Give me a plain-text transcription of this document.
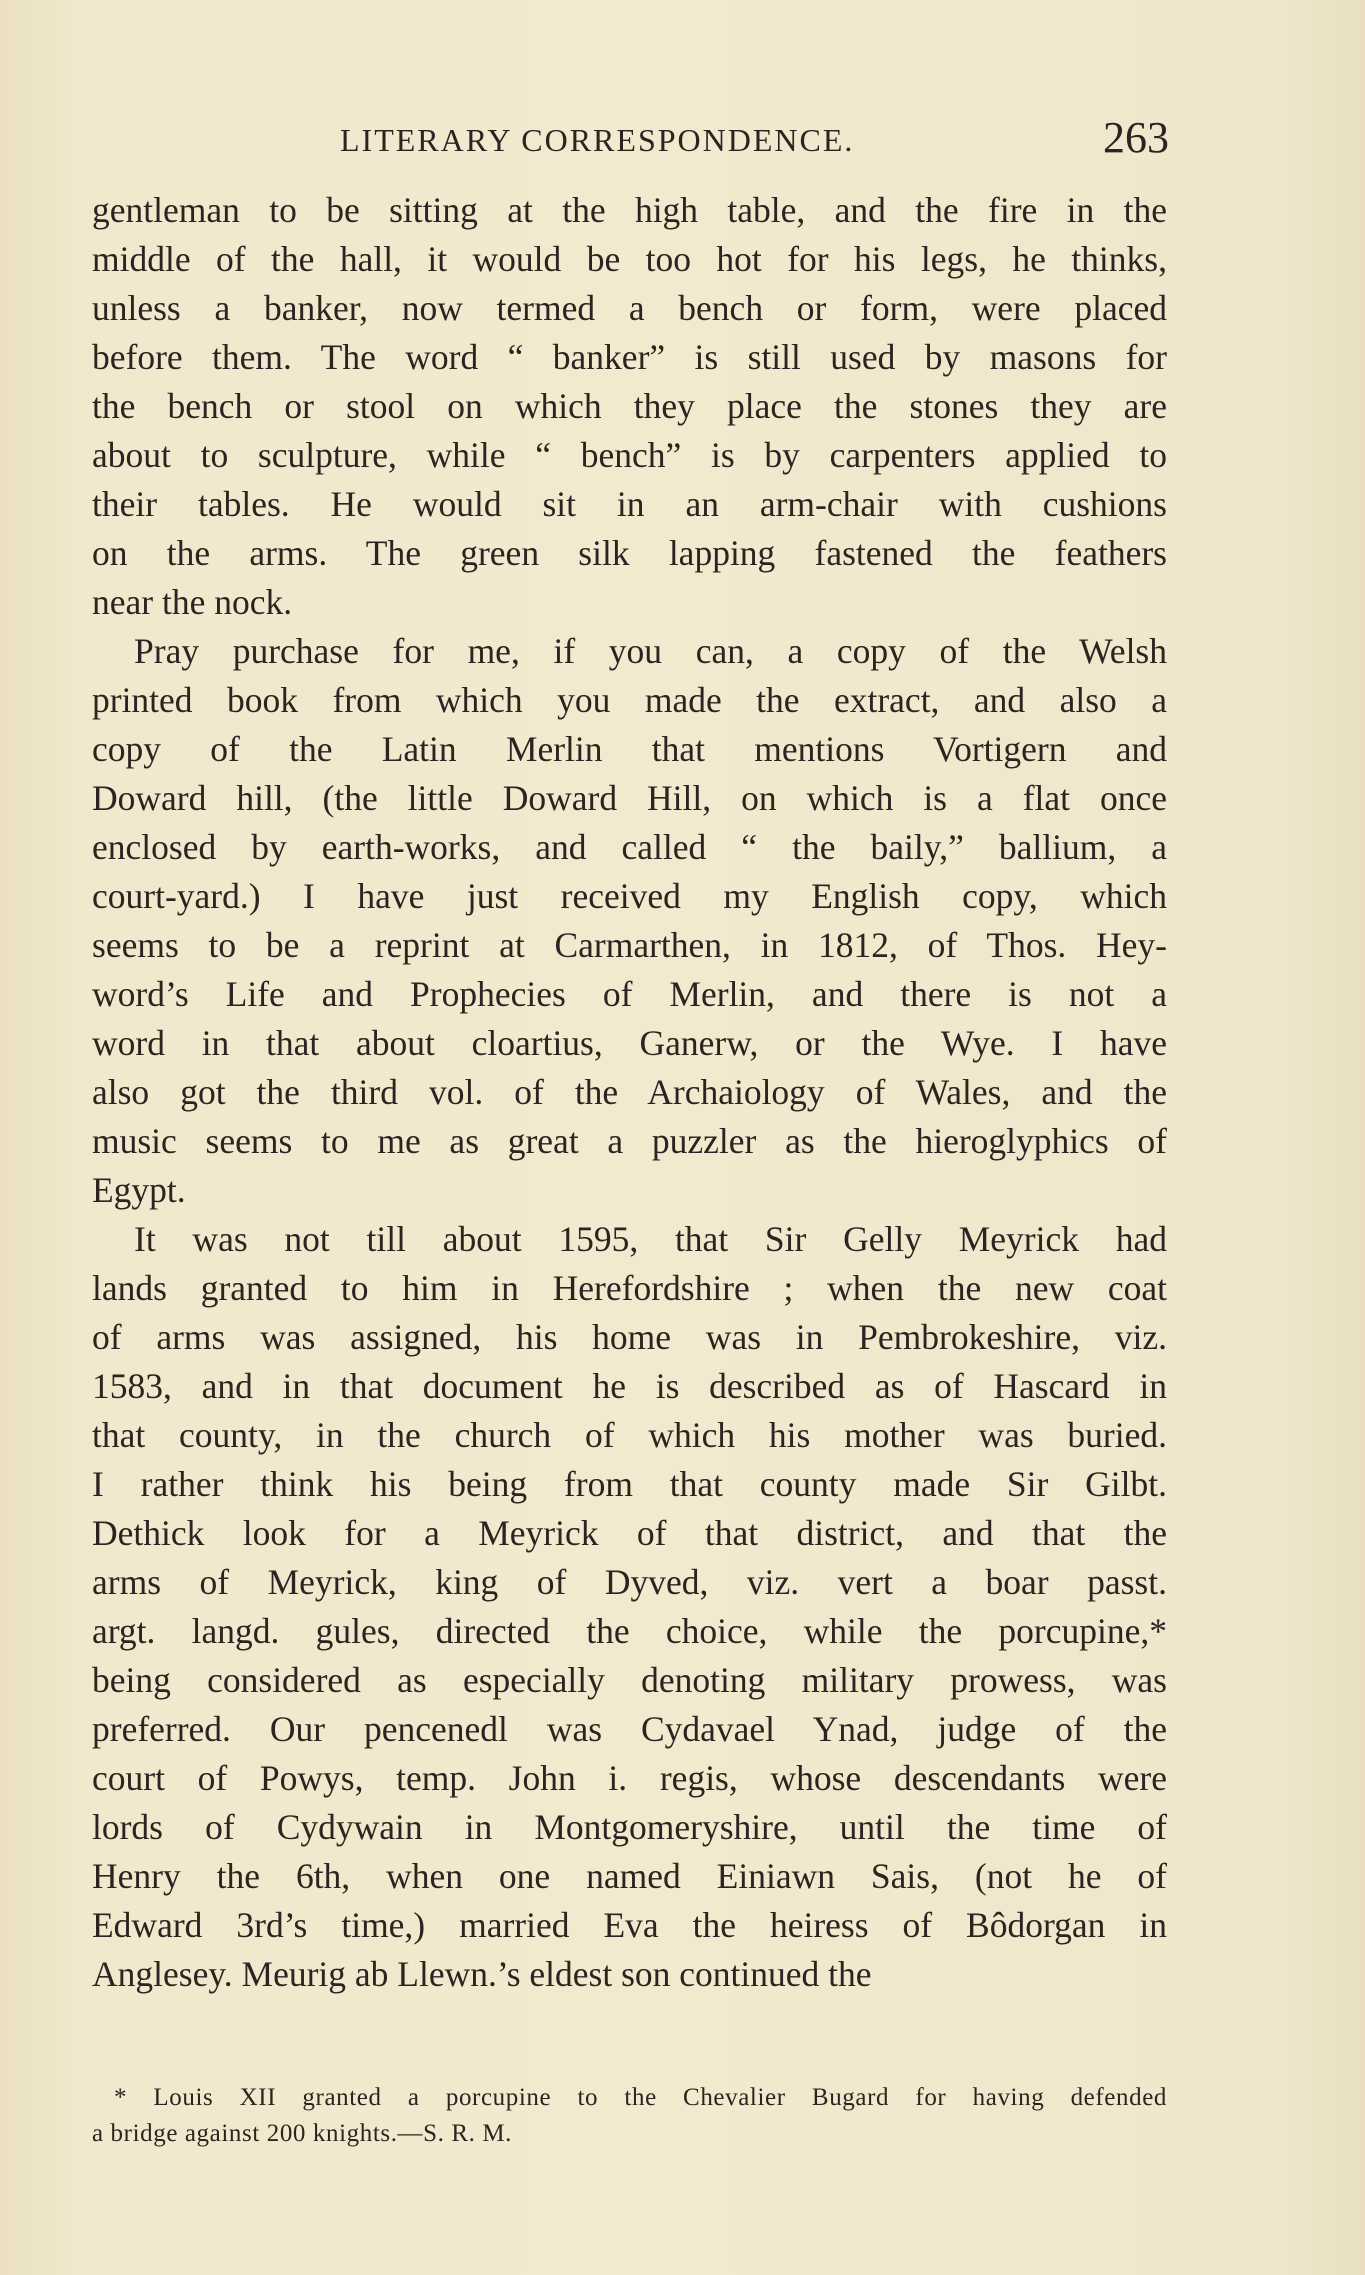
LITERARY CORRESPONDENCE.	263
gentleman to be sitting at the high table, and the fire in the
middle of the hall, it would be too hot for his legs, he thinks,
unless a banker, now termed a bench or form, were placed
before them. The word “ banker” is still used by masons for
the bench or stool on which they place the stones they are
about to sculpture, while “ bench” is by carpenters applied to
their tables. He would sit in an arm-chair with cushions
on the arms. The green silk lapping fastened the feathers
near the nock.
Pray purchase for me, if you can, a copy of the Welsh
printed book from which you made the extract, and also a
copy of the Latin Merlin that mentions Vortigern and
Doward hill, (the little Doward Hill, on which is a flat once
enclosed by earth-works, and called “ the baily,” ballium, a
court-yard.) I have just received my English copy, which
seems to be a reprint at Carmarthen, in 1812, of Thos. Hey-
word’s Life and Prophecies of Merlin, and there is not a
word in that about cloartius, Ganerw, or the Wye. I have
also got the third vol. of the Archaiology of Wales, and the
music seems to me as great a puzzler as the hieroglyphics of
Egypt.
It was not till about 1595, that Sir Gelly Meyrick had
lands granted to him in Herefordshire ; when the new coat
of arms was assigned, his home was in Pembrokeshire, viz.
1583, and in that document he is described as of Hascard in
that county, in the church of which his mother was buried.
I rather think his being from that county made Sir Gilbt.
Dethick look for a Meyrick of that district, and that the
arms of Meyrick, king of Dyved, viz. vert a boar passt.
argt. langd. gules, directed the choice, while the porcupine,*
being considered as especially denoting military prowess, was
preferred. Our pencenedl was Cydavael Ynad, judge of the
court of Powys, temp. John i. regis, whose descendants were
lords of Cydywain in Montgomeryshire, until the time of
Henry the 6th, when one named Einiawn Sais, (not he of
Edward 3rd’s time,) married Eva the heiress of Bôdorgan in
Anglesey. Meurig ab Llewn.’s eldest son continued the
* Louis XII granted a porcupine to the Chevalier Bugard for having defended
a bridge against 200 knights.—S. R. M.
